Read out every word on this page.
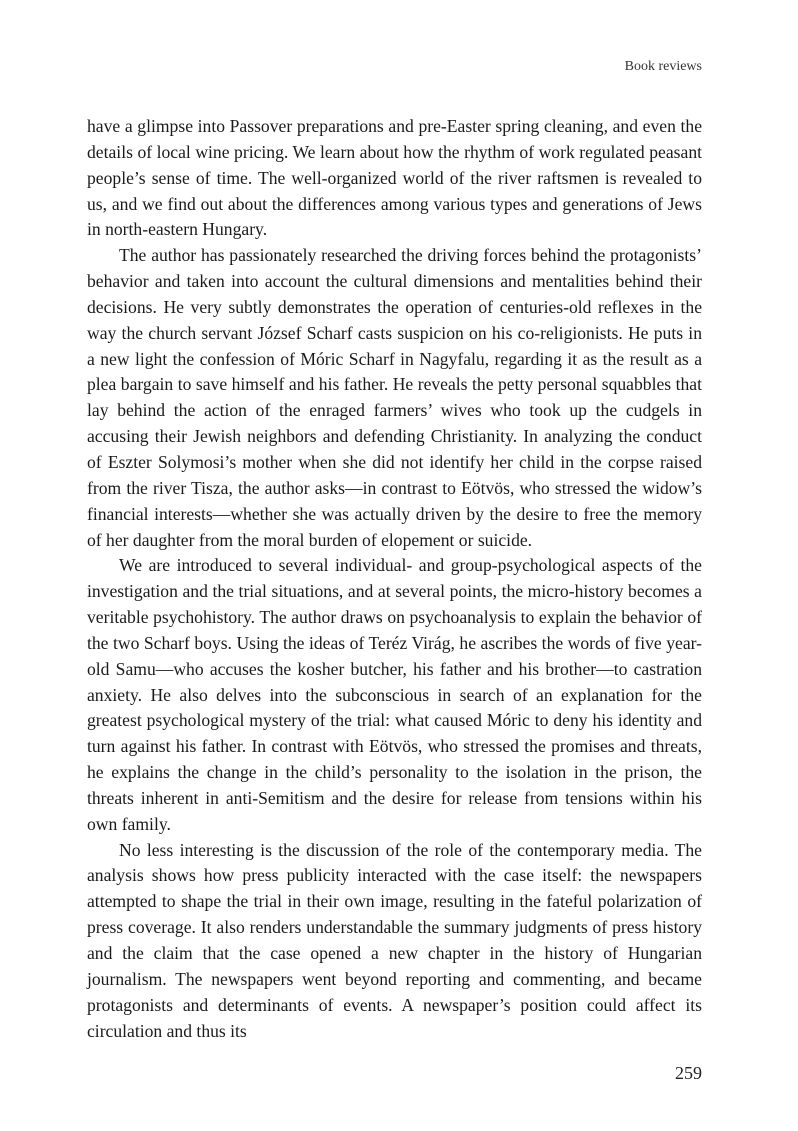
Book reviews

have a glimpse into Passover preparations and pre-Easter spring cleaning, and even the details of local wine pricing. We learn about how the rhythm of work regulated peasant people’s sense of time. The well-organized world of the river raftsmen is revealed to us, and we find out about the differences among various types and generations of Jews in north-eastern Hungary.

The author has passionately researched the driving forces behind the protagonists’ behavior and taken into account the cultural dimensions and mentalities behind their decisions. He very subtly demonstrates the operation of centuries-old reflexes in the way the church servant József Scharf casts suspicion on his co-religionists. He puts in a new light the confession of Móric Scharf in Nagyfalu, regarding it as the result as a plea bargain to save himself and his father. He reveals the petty personal squabbles that lay behind the action of the enraged farmers’ wives who took up the cudgels in accusing their Jewish neighbors and defending Christianity. In analyzing the conduct of Eszter Solymosi’s mother when she did not identify her child in the corpse raised from the river Tisza, the author asks—in contrast to Eötvös, who stressed the widow’s financial interests—whether she was actually driven by the desire to free the memory of her daughter from the moral burden of elopement or suicide.

We are introduced to several individual- and group-psychological aspects of the investigation and the trial situations, and at several points, the micro-history becomes a veritable psychohistory. The author draws on psychoanalysis to explain the behavior of the two Scharf boys. Using the ideas of Teréz Virág, he ascribes the words of five year-old Samu—who accuses the kosher butcher, his father and his brother—to castration anxiety. He also delves into the subconscious in search of an explanation for the greatest psychological mystery of the trial: what caused Móric to deny his identity and turn against his father. In contrast with Eötvös, who stressed the promises and threats, he explains the change in the child’s personality to the isolation in the prison, the threats inherent in anti-Semitism and the desire for release from tensions within his own family.

No less interesting is the discussion of the role of the contemporary media. The analysis shows how press publicity interacted with the case itself: the newspapers attempted to shape the trial in their own image, resulting in the fateful polarization of press coverage. It also renders understandable the summary judgments of press history and the claim that the case opened a new chapter in the history of Hungarian journalism. The newspapers went beyond reporting and commenting, and became protagonists and determinants of events. A newspaper’s position could affect its circulation and thus its

259
